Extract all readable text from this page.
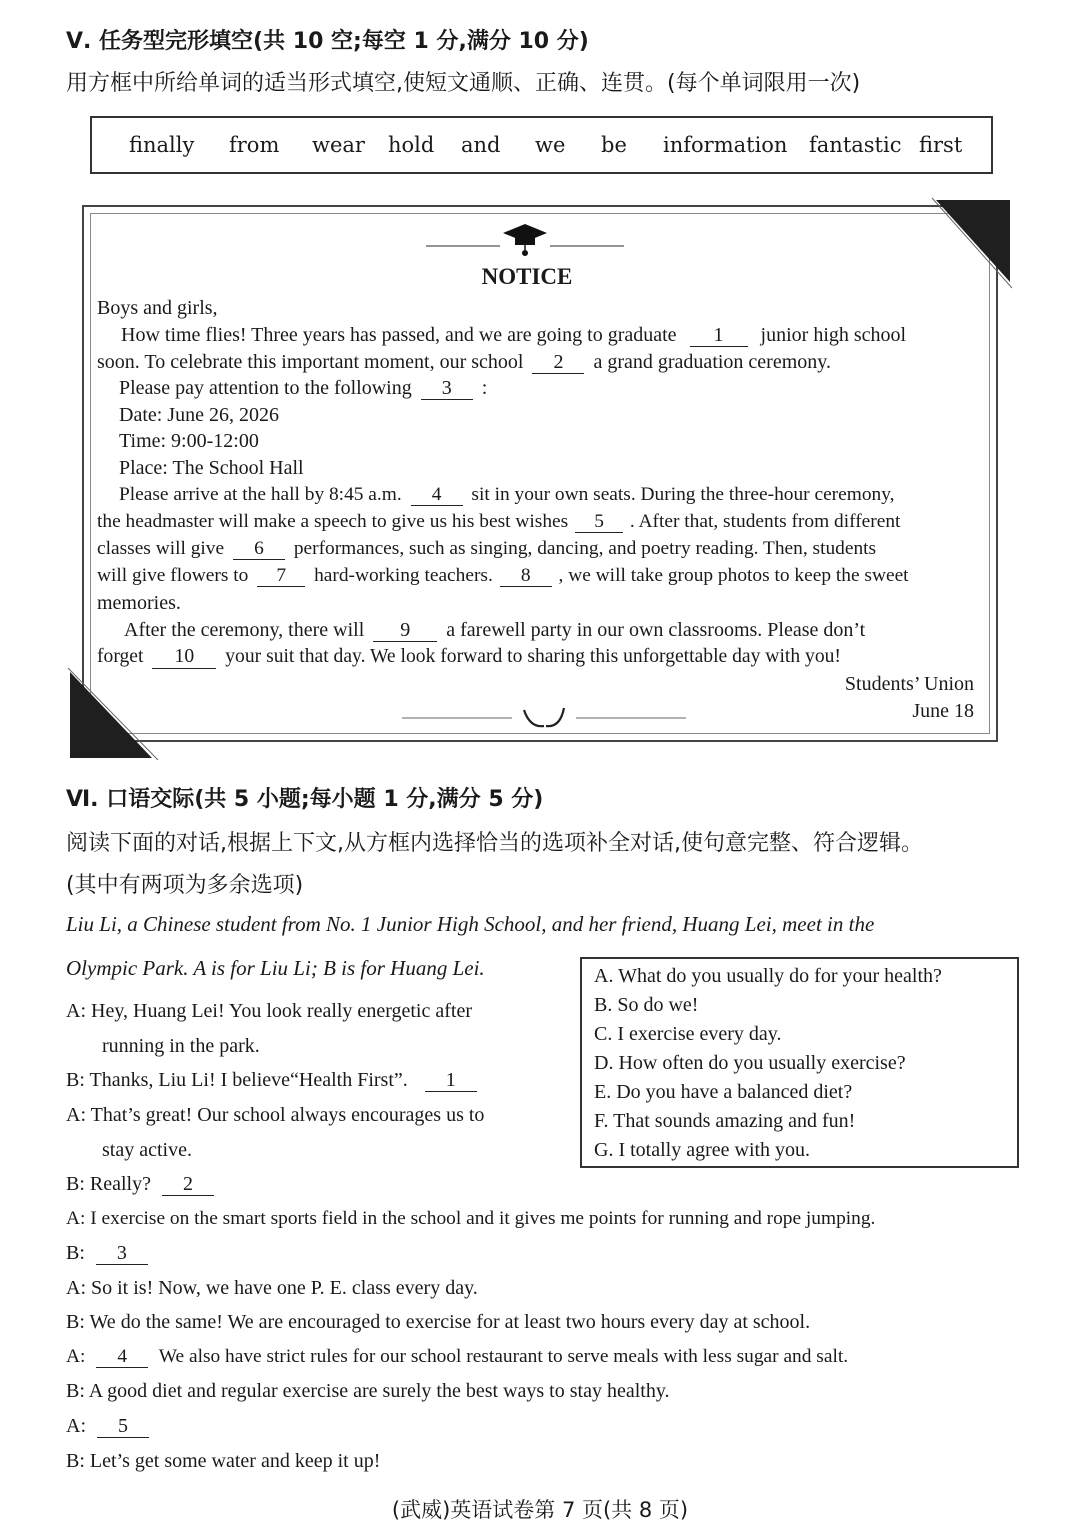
Ⅴ. 任务型完形填空(共 10 空;每空 1 分,满分 10 分)
用方框中所给单词的适当形式填空,使短文通顺、正确、连贯。(每个单词限用一次)
finally from wear hold and we be information fantastic first
NOTICE
Boys and girls,
How time flies! Three years has passed, and we are going to graduate 1 junior high school
soon. To celebrate this important moment, our school 2 a grand graduation ceremony.
Please pay attention to the following 3 :
Date: June 26, 2026
Time: 9:00-12:00
Place: The School Hall
Please arrive at the hall by 8:45 a.m. 4 sit in your own seats. During the three-hour ceremony,
the headmaster will make a speech to give us his best wishes 5 . After that, students from different
classes will give 6 performances, such as singing, dancing, and poetry reading. Then, students
will give flowers to 7 hard-working teachers. 8 , we will take group photos to keep the sweet
memories.
After the ceremony, there will 9 a farewell party in our own classrooms. Please don’t
forget 10 your suit that day. We look forward to sharing this unforgettable day with you!
Students’ Union
June 18
Ⅵ. 口语交际(共 5 小题;每小题 1 分,满分 5 分)
阅读下面的对话,根据上下文,从方框内选择恰当的选项补全对话,使句意完整、符合逻辑。
(其中有两项为多余选项)
Liu Li, a Chinese student from No. 1 Junior High School, and her friend, Huang Lei, meet in the
Olympic Park. A is for Liu Li; B is for Huang Lei.	A. What do you usually do for your health?
B. So do we!
C. I exercise every day.
D. How often do you usually exercise?
E. Do you have a balanced diet?
F. That sounds amazing and fun!
G. I totally agree with you.
A: Hey, Huang Lei! You look really energetic after
running in the park.
B: Thanks, Liu Li! I believe“Health First”. 1
A: That’s great! Our school always encourages us to
stay active.
B: Really? 2
A: I exercise on the smart sports field in the school and it gives me points for running and rope jumping.
B: 3
A: So it is! Now, we have one P. E. class every day.
B: We do the same! We are encouraged to exercise for at least two hours every day at school.
A: 4 We also have strict rules for our school restaurant to serve meals with less sugar and salt.
B: A good diet and regular exercise are surely the best ways to stay healthy.
A: 5
B: Let’s get some water and keep it up!
(武威)英语试卷第 7 页(共 8 页)
